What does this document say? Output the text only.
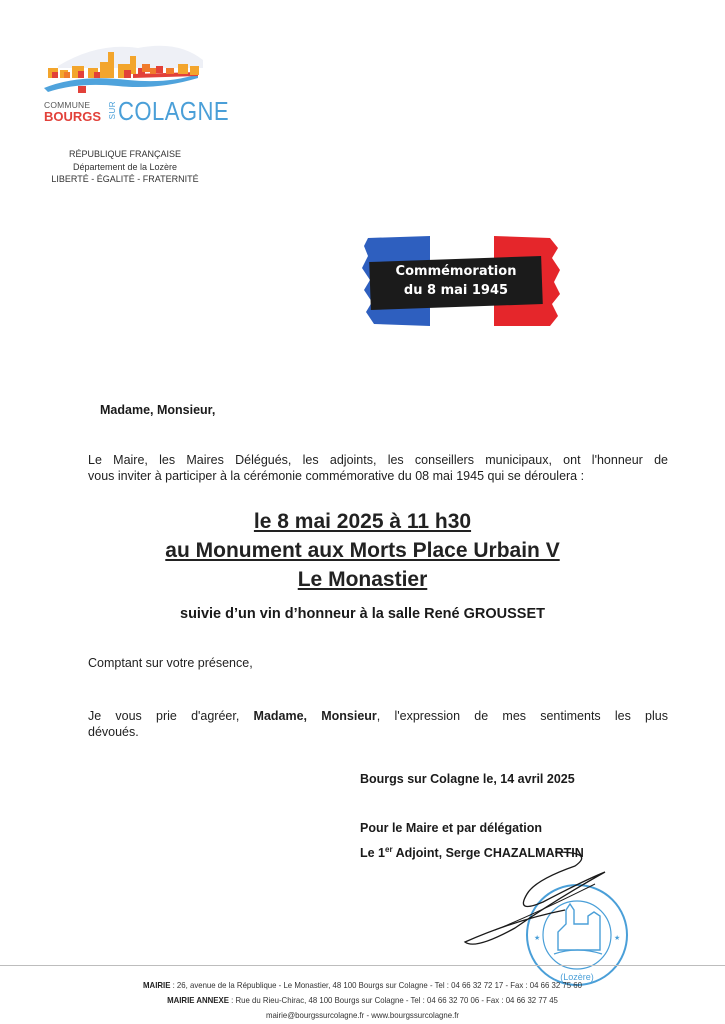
COMMUNE
BOURGS SUR COLAGNE
RÉPUBLIQUE FRANÇAISE
Département de la Lozère
LIBERTÉ - ÉGALITÉ - FRATERNITÉ
Commémoration
du 8 mai 1945
Madame, Monsieur,
Le Maire, les Maires Délégués, les adjoints, les conseillers municipaux, ont l'honneur de
vous inviter à participer à la cérémonie commémorative du 08 mai 1945 qui se déroulera :
le 8 mai 2025 à 11 h30
au Monument aux Morts Place Urbain V
Le Monastier
suivie d’un vin d’honneur à la salle René GROUSSET
Comptant sur votre présence,
Je vous prie d'agréer, Madame, Monsieur, l'expression de mes sentiments les plus
dévoués.
Bourgs sur Colagne le, 14 avril 2025
Pour le Maire et par délégation
Le 1er Adjoint, Serge CHAZALMARTIN
(Lozère)
★	★
MAIRIE : 26, avenue de la République - Le Monastier, 48 100 Bourgs sur Colagne - Tel : 04 66 32 72 17 - Fax : 04 66 32 75 60
MAIRIE ANNEXE : Rue du Rieu-Chirac, 48 100 Bourgs sur Colagne - Tel : 04 66 32 70 06 - Fax : 04 66 32 77 45
mairie@bourgssurcolagne.fr - www.bourgssurcolagne.fr
